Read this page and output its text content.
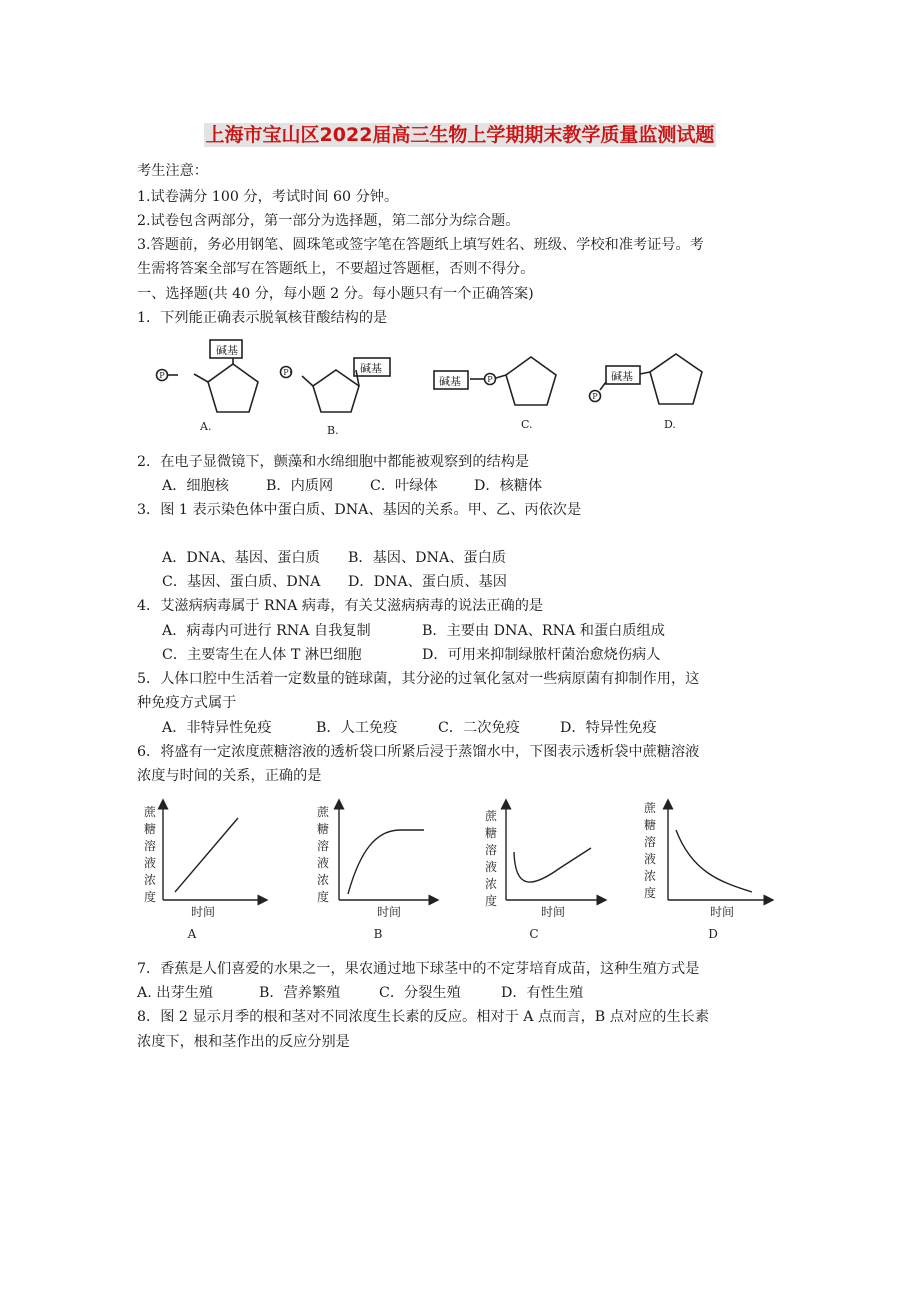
上海市宝山区2022届高三生物上学期期末教学质量监测试题
考生注意：
1.试卷满分 100 分，考试时间 60 分钟。
2.试卷包含两部分，第一部分为选择题，第二部分为综合题。
3.答题前，务必用钢笔、圆珠笔或签字笔在答题纸上填写姓名、班级、学校和准考证号。考
生需将答案全部写在答题纸上，不要超过答题框，否则不得分。
一、选择题(共 40 分，每小题 2 分。每小题只有一个正确答案)
1．下列能正确表示脱氧核苷酸结构的是
碱基
碱基
碱基	碱基
P	P
P
P
A.	B.	C.	D.
2．在电子显微镜下，颤藻和水绵细胞中都能被观察到的结构是
A．细胞核	B．内质网	C．叶绿体	D．核糖体
3．图 1 表示染色体中蛋白质、DNA、基因的关系。甲、乙、丙依次是
A．DNA、基因、蛋白质 B．基因、DNA、蛋白质
C．基因、蛋白质、DNA D．DNA、蛋白质、基因
4．艾滋病病毒属于 RNA 病毒，有关艾滋病病毒的说法正确的是
A．病毒内可进行 RNA 自我复制	B．主要由 DNA、RNA 和蛋白质组成
C．主要寄生在人体 T 淋巴细胞	D．可用来抑制绿脓杆菌治愈烧伤病人
5．人体口腔中生活着一定数量的链球菌，其分泌的过氧化氢对一些病原菌有抑制作用，这
种免疫方式属于
A．非特异性免疫	B．人工免疫	C．二次免疫	D．特异性免疫
6．将盛有一定浓度蔗糖溶液的透析袋口所紧后浸于蒸馏水中，下图表示透析袋中蔗糖溶液
浓度与时间的关系，正确的是
蔗
糖
溶
液
浓
度
蔗
糖
溶
液
浓
度
蔗
糖
溶
液
浓
度
蔗
糖
溶
液
浓
度
时间	时间	时间	时间
A	B	C	D
7．香蕉是人们喜爱的水果之一，果农通过地下球茎中的不定芽培育成苗，这种生殖方式是
A. 出芽生殖	B．营养繁殖	C．分裂生殖	D．有性生殖
8．图 2 显示月季的根和茎对不同浓度生长素的反应。相对于 A 点而言，B 点对应的生长素
浓度下，根和茎作出的反应分别是
